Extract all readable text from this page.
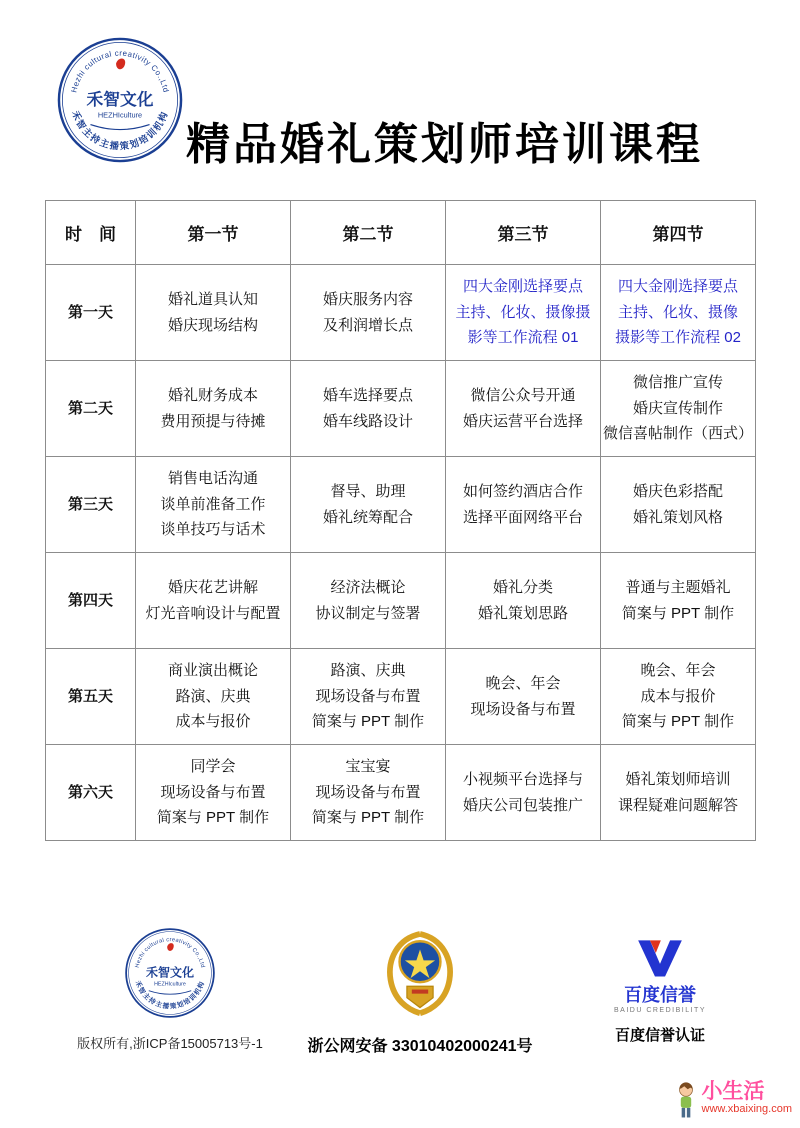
Hezhi cultural creativity Co.,Ltd
禾智主持主播策划培训机构
禾智文化
HEZHIculture
精品婚礼策划师培训课程
时　间	第一节	第二节	第三节	第四节
第一天	
婚礼道具认知
婚庆现场结构

婚庆服务内容
及利润增长点

四大金刚选择要点
主持、化妆、摄像摄
影等工作流程 01

四大金刚选择要点
主持、化妆、摄像
摄影等工作流程 02

第二天	
婚礼财务成本
费用预提与待摊

婚车选择要点
婚车线路设计

微信公众号开通
婚庆运营平台选择

微信推广宣传
婚庆宣传制作
微信喜帖制作（西式）

第三天	
销售电话沟通
谈单前准备工作
谈单技巧与话术

督导、助理
婚礼统筹配合

如何签约酒店合作
选择平面网络平台

婚庆色彩搭配
婚礼策划风格

第四天	
婚庆花艺讲解
灯光音响设计与配置

经济法概论
协议制定与签署

婚礼分类
婚礼策划思路

普通与主题婚礼
简案与 PPT 制作

第五天	
商业演出概论
路演、庆典
成本与报价

路演、庆典
现场设备与布置
简案与 PPT 制作

晚会、年会
现场设备与布置

晚会、年会
成本与报价
简案与 PPT 制作

第六天	
同学会
现场设备与布置
简案与 PPT 制作

宝宝宴
现场设备与布置
简案与 PPT 制作

小视频平台选择与
婚庆公司包装推广

婚礼策划师培训
课程疑难问题解答
Hezhi cultural creativity Co.,Ltd
禾智主持主播策划培训机构
禾智文化
HEZHIculture
版权所有,浙ICP备15005713号-1	浙公网安备 33010402000241号
百度信誉
BAIDU CREDIBILITY
百度信誉认证
小生活
www.xbaixing.com
